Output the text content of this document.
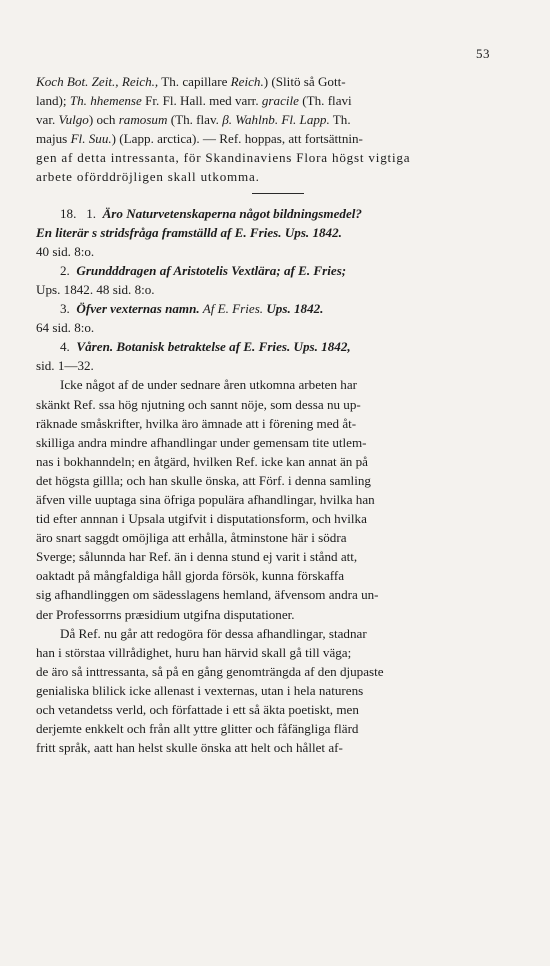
53
Koch Bot. Zeit., Reich., Th. capillare Reich.) (Slitö så Gott-
land); Th. hhemense Fr. Fl. Hall. med varr. gracile (Th. flavi
var. Vulgo) och ramosum (Th. flav. β. Wahlnb. Fl. Lapp. Th.
majus Fl. Suu.) (Lapp. arctica). — Ref. hoppas, att fortsättnin-
gen af detta intressanta, för Skandinaviens Flora högst vigtiga
arbete oförddröjligen skall utkomma.
18. 1. Äro Naturvetenskaperna något bildningsmedel?
En literär s stridsfråga framställd af E. Fries. Ups. 1842.
40 sid. 8:o.
2. Grundddragen af Aristotelis Vextlära; af E. Fries;
Ups. 1842. 48 sid. 8:o.
3. Öfver vexternas namn. Af E. Fries. Ups. 1842.
64 sid. 8:o.
4. Våren. Botanisk betraktelse af E. Fries. Ups. 1842,
sid. 1—32.
Icke något af de under sednare åren utkomna arbeten har
skänkt Ref. ssa hög njutning och sannt nöje, som dessa nu up-
räknade småskrifter, hvilka äro ämnade att i förening med åt-
skilliga andra mindre afhandlingar under gemensam tite utlem-
nas i bokhanndeln; en åtgärd, hvilken Ref. icke kan annat än på
det högsta gillla; och han skulle önska, att Förf. i denna samling
äfven ville uuptaga sina öfriga populära afhandlingar, hvilka han
tid efter annnan i Upsala utgifvit i disputationsform, och hvilka
äro snart saggdt omöjliga att erhålla, åtminstone här i södra
Sverge; sålunnda har Ref. än i denna stund ej varit i stånd att,
oaktadt på mångfaldiga håll gjorda försök, kunna förskaffa
sig afhandlinggen om sädesslagens hemland, äfvensom andra un-
der Professorrns præsidium utgifna disputationer.
Då Ref. nu går att redogöra för dessa afhandlingar, stadnar
han i störstaa villrådighet, huru han härvid skall gå till väga;
de äro så inttressanta, så på en gång genomträngda af den djupaste
genialiska blilick icke allenast i vexternas, utan i hela naturens
och vetandetss verld, och författade i ett så äkta poetiskt, men
derjemte enkkelt och från allt yttre glitter och fåfängliga flärd
fritt språk, aatt han helst skulle önska att helt och hållet af-
